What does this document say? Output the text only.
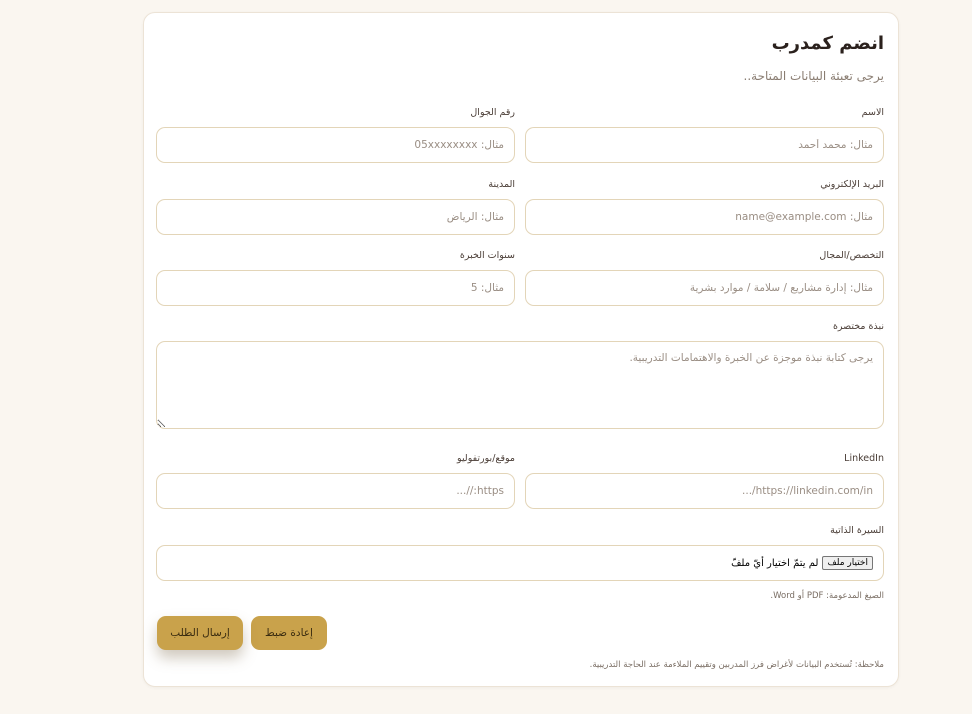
انضم كمدرب
يرجى تعبئة البيانات المتاحة..
الاسم
مثال: محمد أحمد
رقم الجوال
مثال: 05xxxxxxxx
البريد الإلكتروني
مثال: name@example.com
المدينة
مثال: الرياض
التخصص/المجال
مثال: إدارة مشاريع / سلامة / موارد بشرية
سنوات الخبرة
مثال: 5
نبذة مختصرة
يرجى كتابة نبذة موجزة عن الخبرة والاهتمامات التدريبية.
LinkedIn
https://linkedin.com/in/...
موقع/بورتفوليو
https://...
السيرة الذاتية
اختيار ملف
لم يتمّ اختيار أيّ ملفّ
الصيغ المدعومة: PDF أو Word.
إعادة ضبط
إرسال الطلب
ملاحظة: تُستخدم البيانات لأغراض فرز المدربين وتقييم الملاءمة عند الحاجة التدريبية.
